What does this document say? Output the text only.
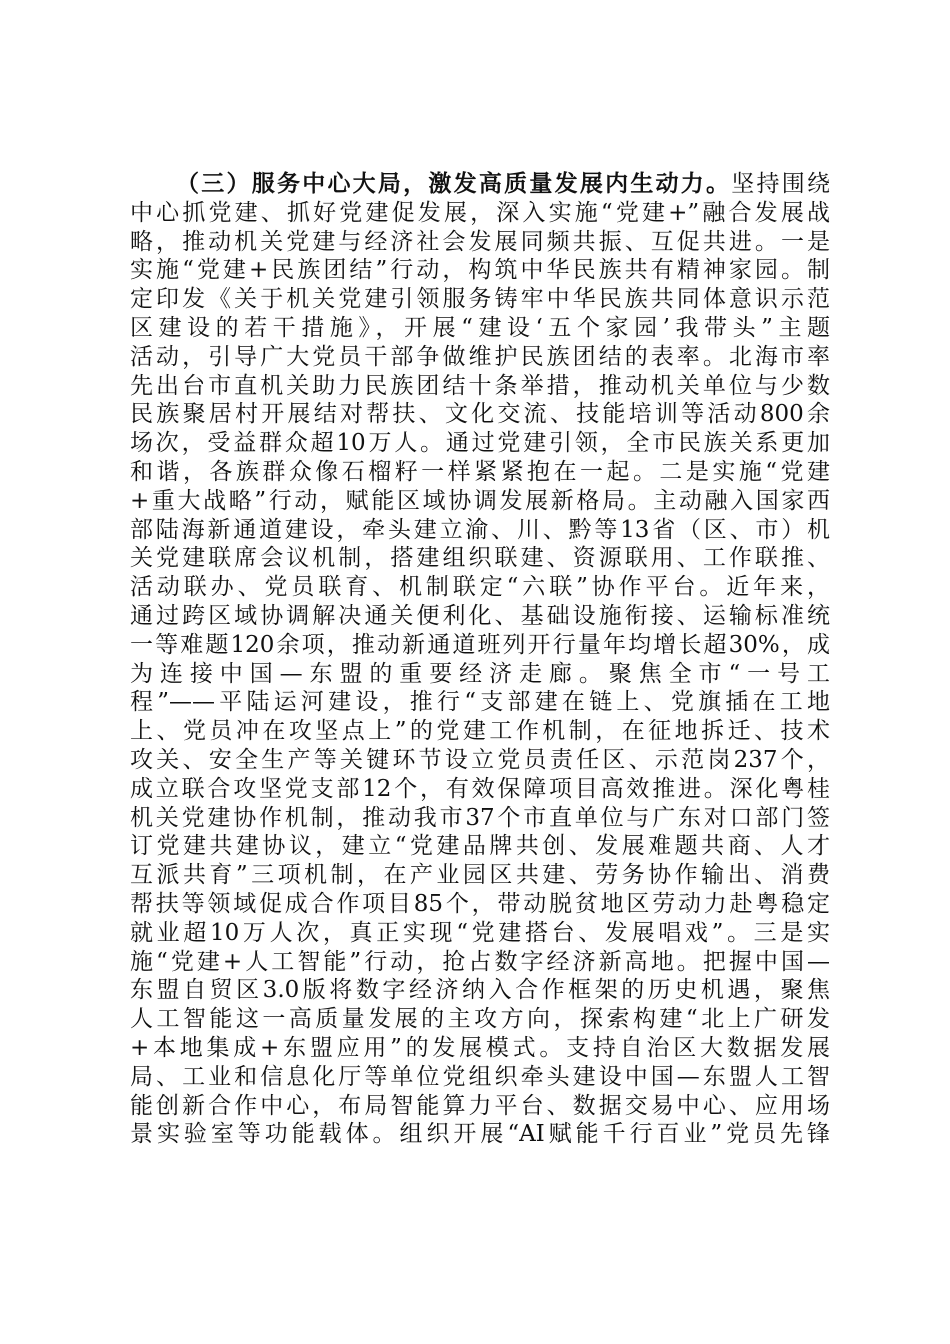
（三）服务中心大局，激发高质量发展内生动力。坚持围绕
中心抓党建、抓好党建促发展，深入实施“党建+”融合发展战
略，推动机关党建与经济社会发展同频共振、互促共进。一是
实施“党建+民族团结”行动，构筑中华民族共有精神家园。制
定印发《关于机关党建引领服务铸牢中华民族共同体意识示范
区建设的若干措施》，开展“建设‘五个家园’我带头”主题
活动，引导广大党员干部争做维护民族团结的表率。北海市率
先出台市直机关助力民族团结十条举措，推动机关单位与少数
民族聚居村开展结对帮扶、文化交流、技能培训等活动800余
场次，受益群众超10万人。通过党建引领，全市民族关系更加
和谐，各族群众像石榴籽一样紧紧抱在一起。二是实施“党建
+重大战略”行动，赋能区域协调发展新格局。主动融入国家西
部陆海新通道建设，牵头建立渝、川、黔等13省（区、市）机
关党建联席会议机制，搭建组织联建、资源联用、工作联推、
活动联办、党员联育、机制联定“六联”协作平台。近年来，
通过跨区域协调解决通关便利化、基础设施衔接、运输标准统
一等难题120余项，推动新通道班列开行量年均增长超30%，成
为连接中国—东盟的重要经济走廊。聚焦全市“一号工
程”——平陆运河建设，推行“支部建在链上、党旗插在工地
上、党员冲在攻坚点上”的党建工作机制，在征地拆迁、技术
攻关、安全生产等关键环节设立党员责任区、示范岗237个，
成立联合攻坚党支部12个，有效保障项目高效推进。深化粤桂
机关党建协作机制，推动我市37个市直单位与广东对口部门签
订党建共建协议，建立“党建品牌共创、发展难题共商、人才
互派共育”三项机制，在产业园区共建、劳务协作输出、消费
帮扶等领域促成合作项目85个，带动脱贫地区劳动力赴粤稳定
就业超10万人次，真正实现“党建搭台、发展唱戏”。三是实
施“党建+人工智能”行动，抢占数字经济新高地。把握中国—
东盟自贸区3.0版将数字经济纳入合作框架的历史机遇，聚焦
人工智能这一高质量发展的主攻方向，探索构建“北上广研发
+本地集成+东盟应用”的发展模式。支持自治区大数据发展
局、工业和信息化厅等单位党组织牵头建设中国—东盟人工智
能创新合作中心，布局智能算力平台、数据交易中心、应用场
景实验室等功能载体。组织开展“AI赋能千行百业”党员先锋
